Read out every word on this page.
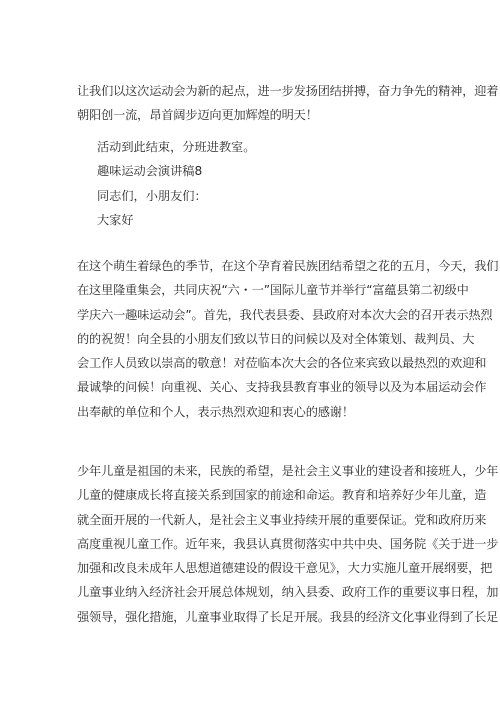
让我们以这次运动会为新的起点，进一步发扬团结拼搏，奋力争先的精神，迎着
朝阳创一流，昂首阔步迈向更加辉煌的明天！
活动到此结束，分班进教室。
趣味运动会演讲稿8
同志们，小朋友们：
大家好
在这个萌生着绿色的季节，在这个孕育着民族团结希望之花的五月，今天，我们
在这里隆重集会，共同庆祝“六・一”国际儿童节并举行“富蕴县第二初级中
学庆六一趣味运动会”。首先，我代表县委、县政府对本次大会的召开表示热烈
的的祝贺！向全县的小朋友们致以节日的问候以及对全体策划、裁判员、大
会工作人员致以崇高的敬意！对莅临本次大会的各位来宾致以最热烈的欢迎和
最诚挚的问候！向重视、关心、支持我县教育事业的领导以及为本届运动会作
出奉献的单位和个人，表示热烈欢迎和衷心的感谢！
少年儿童是祖国的未来，民族的希望，是社会主义事业的建设者和接班人，少年
儿童的健康成长将直接关系到国家的前途和命运。教育和培养好少年儿童，造
就全面开展的一代新人，是社会主义事业持续开展的重要保证。党和政府历来
高度重视儿童工作。近年来，我县认真贯彻落实中共中央、国务院《关于进一步
加强和改良未成年人思想道德建设的假设干意见》，大力实施儿童开展纲要，把
儿童事业纳入经济社会开展总体规划，纳入县委、政府工作的重要议事日程，加
强领导，强化措施，儿童事业取得了长足开展。我县的经济文化事业得到了长足
